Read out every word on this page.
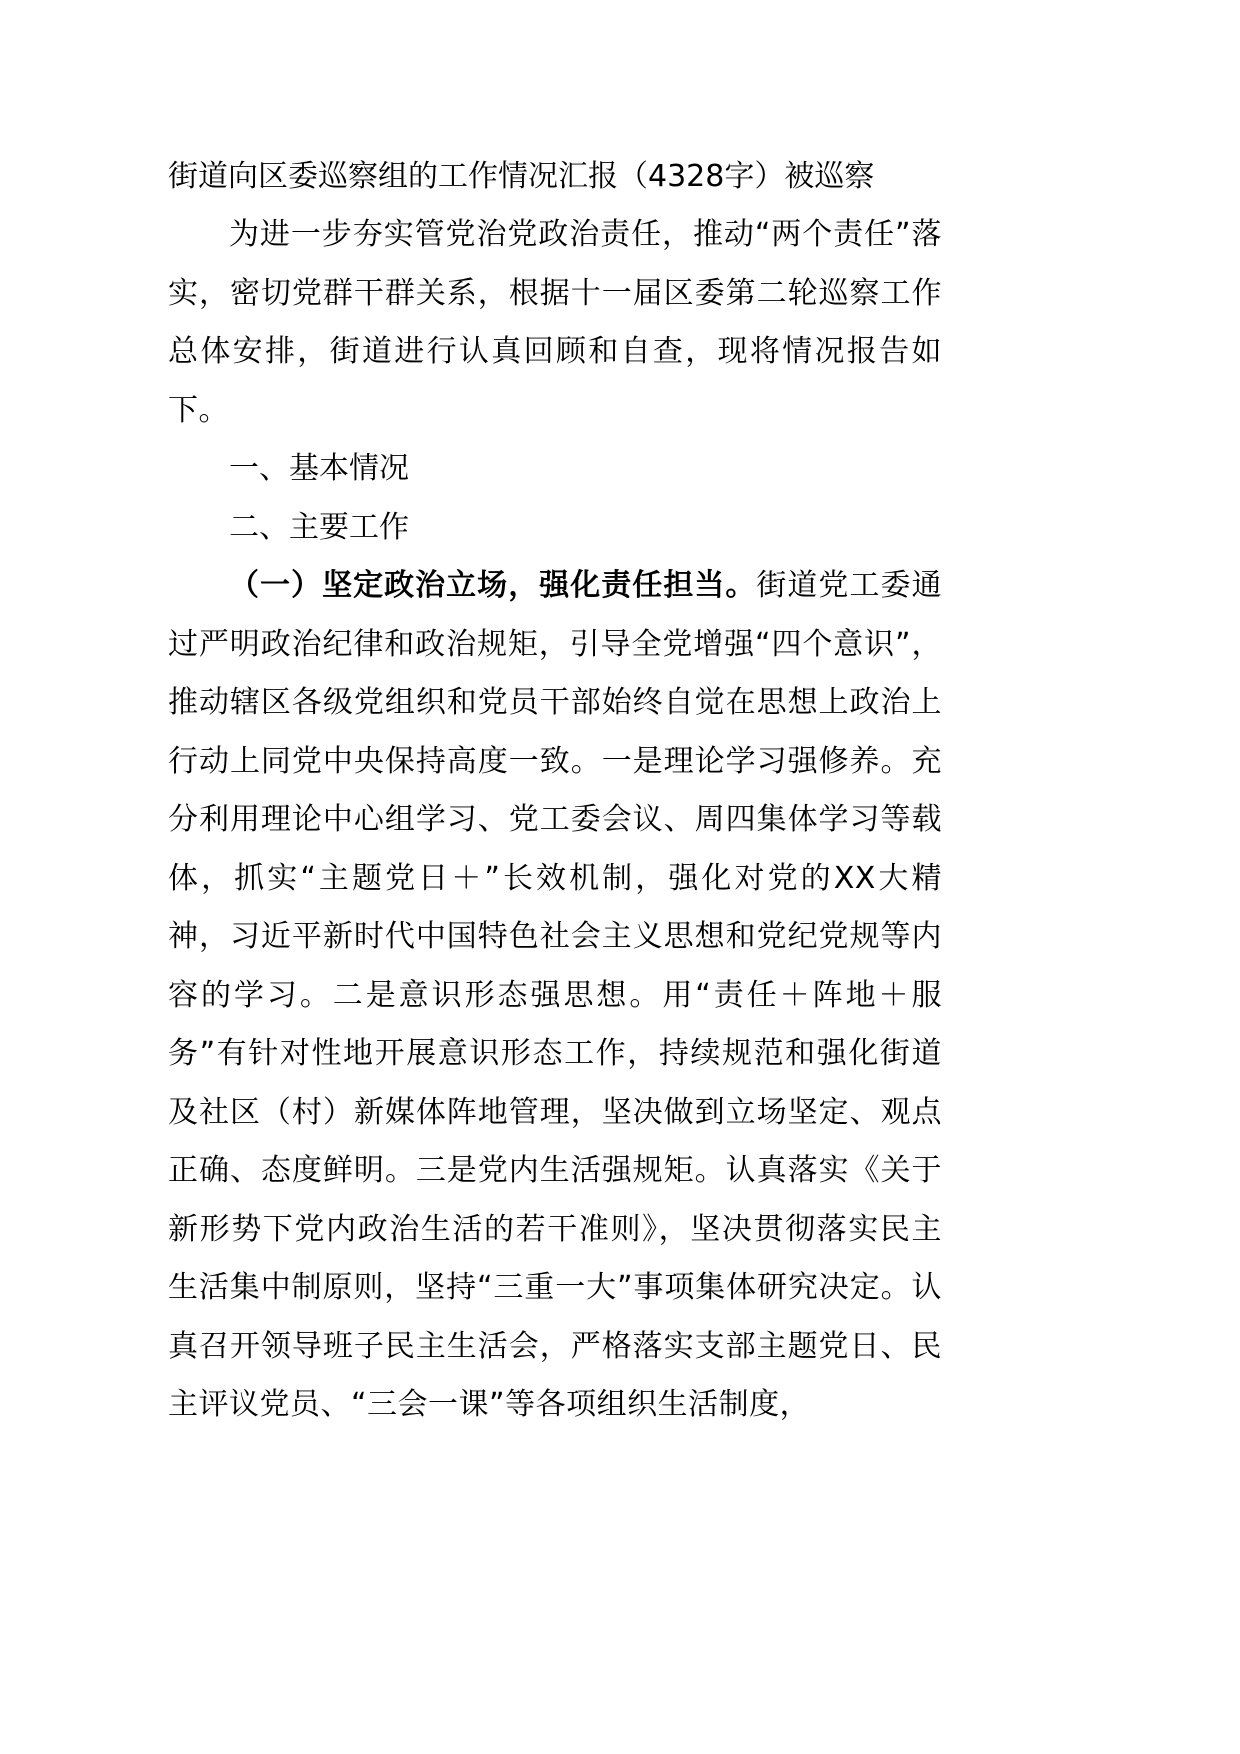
街道向区委巡察组的工作情况汇报（4328字）被巡察

为进一步夯实管党治党政治责任，推动“两个责任”落实，密切党群干群关系，根据十一届区委第二轮巡察工作总体安排，街道进行认真回顾和自查，现将情况报告如下。

一、基本情况

二、主要工作

（一）坚定政治立场，强化责任担当。街道党工委通过严明政治纪律和政治规矩，引导全党增强“四个意识”，推动辖区各级党组织和党员干部始终自觉在思想上政治上行动上同党中央保持高度一致。一是理论学习强修养。充分利用理论中心组学习、党工委会议、周四集体学习等载体，抓实“主题党日＋”长效机制，强化对党的XX大精神，习近平新时代中国特色社会主义思想和党纪党规等内容的学习。二是意识形态强思想。用“责任＋阵地＋服务”有针对性地开展意识形态工作，持续规范和强化街道及社区（村）新媒体阵地管理，坚决做到立场坚定、观点正确、态度鲜明。三是党内生活强规矩。认真落实《关于新形势下党内政治生活的若干准则》，坚决贯彻落实民主生活集中制原则，坚持“三重一大”事项集体研究决定。认真召开领导班子民主生活会，严格落实支部主题党日、民主评议党员、“三会一课”等各项组织生活制度，
